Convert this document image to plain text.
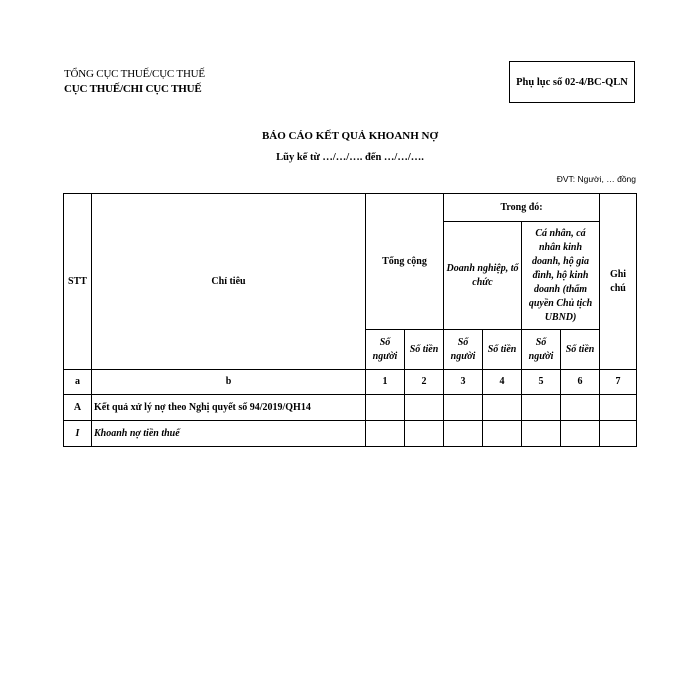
TỔNG CỤC THUẾ/CỤC THUẾ
CỤC THUẾ/CHI CỤC THUẾ
Phụ lục số 02-4/BC-QLN
BÁO CÁO KẾT QUẢ KHOANH NỢ
Lũy kế từ …/…/…. đến …/…/….
ĐVT: Người, … đồng
STT	Chỉ tiêu	Tổng cộng		Trong đó:				Ghi chú
				Doanh nghiệp, tổ chức		Cá nhân, cá nhân kinh doanh, hộ gia đình, hộ kinh doanh (thẩm quyền Chủ tịch UBND)		
		Số người	Số tiền	Số người	Số tiền	Số người	Số tiền	
a	b	1	2	3	4	5	6	7
A	Kết quả xử lý nợ theo Nghị quyết số 94/2019/QH14							
I	Khoanh nợ tiền thuế							
